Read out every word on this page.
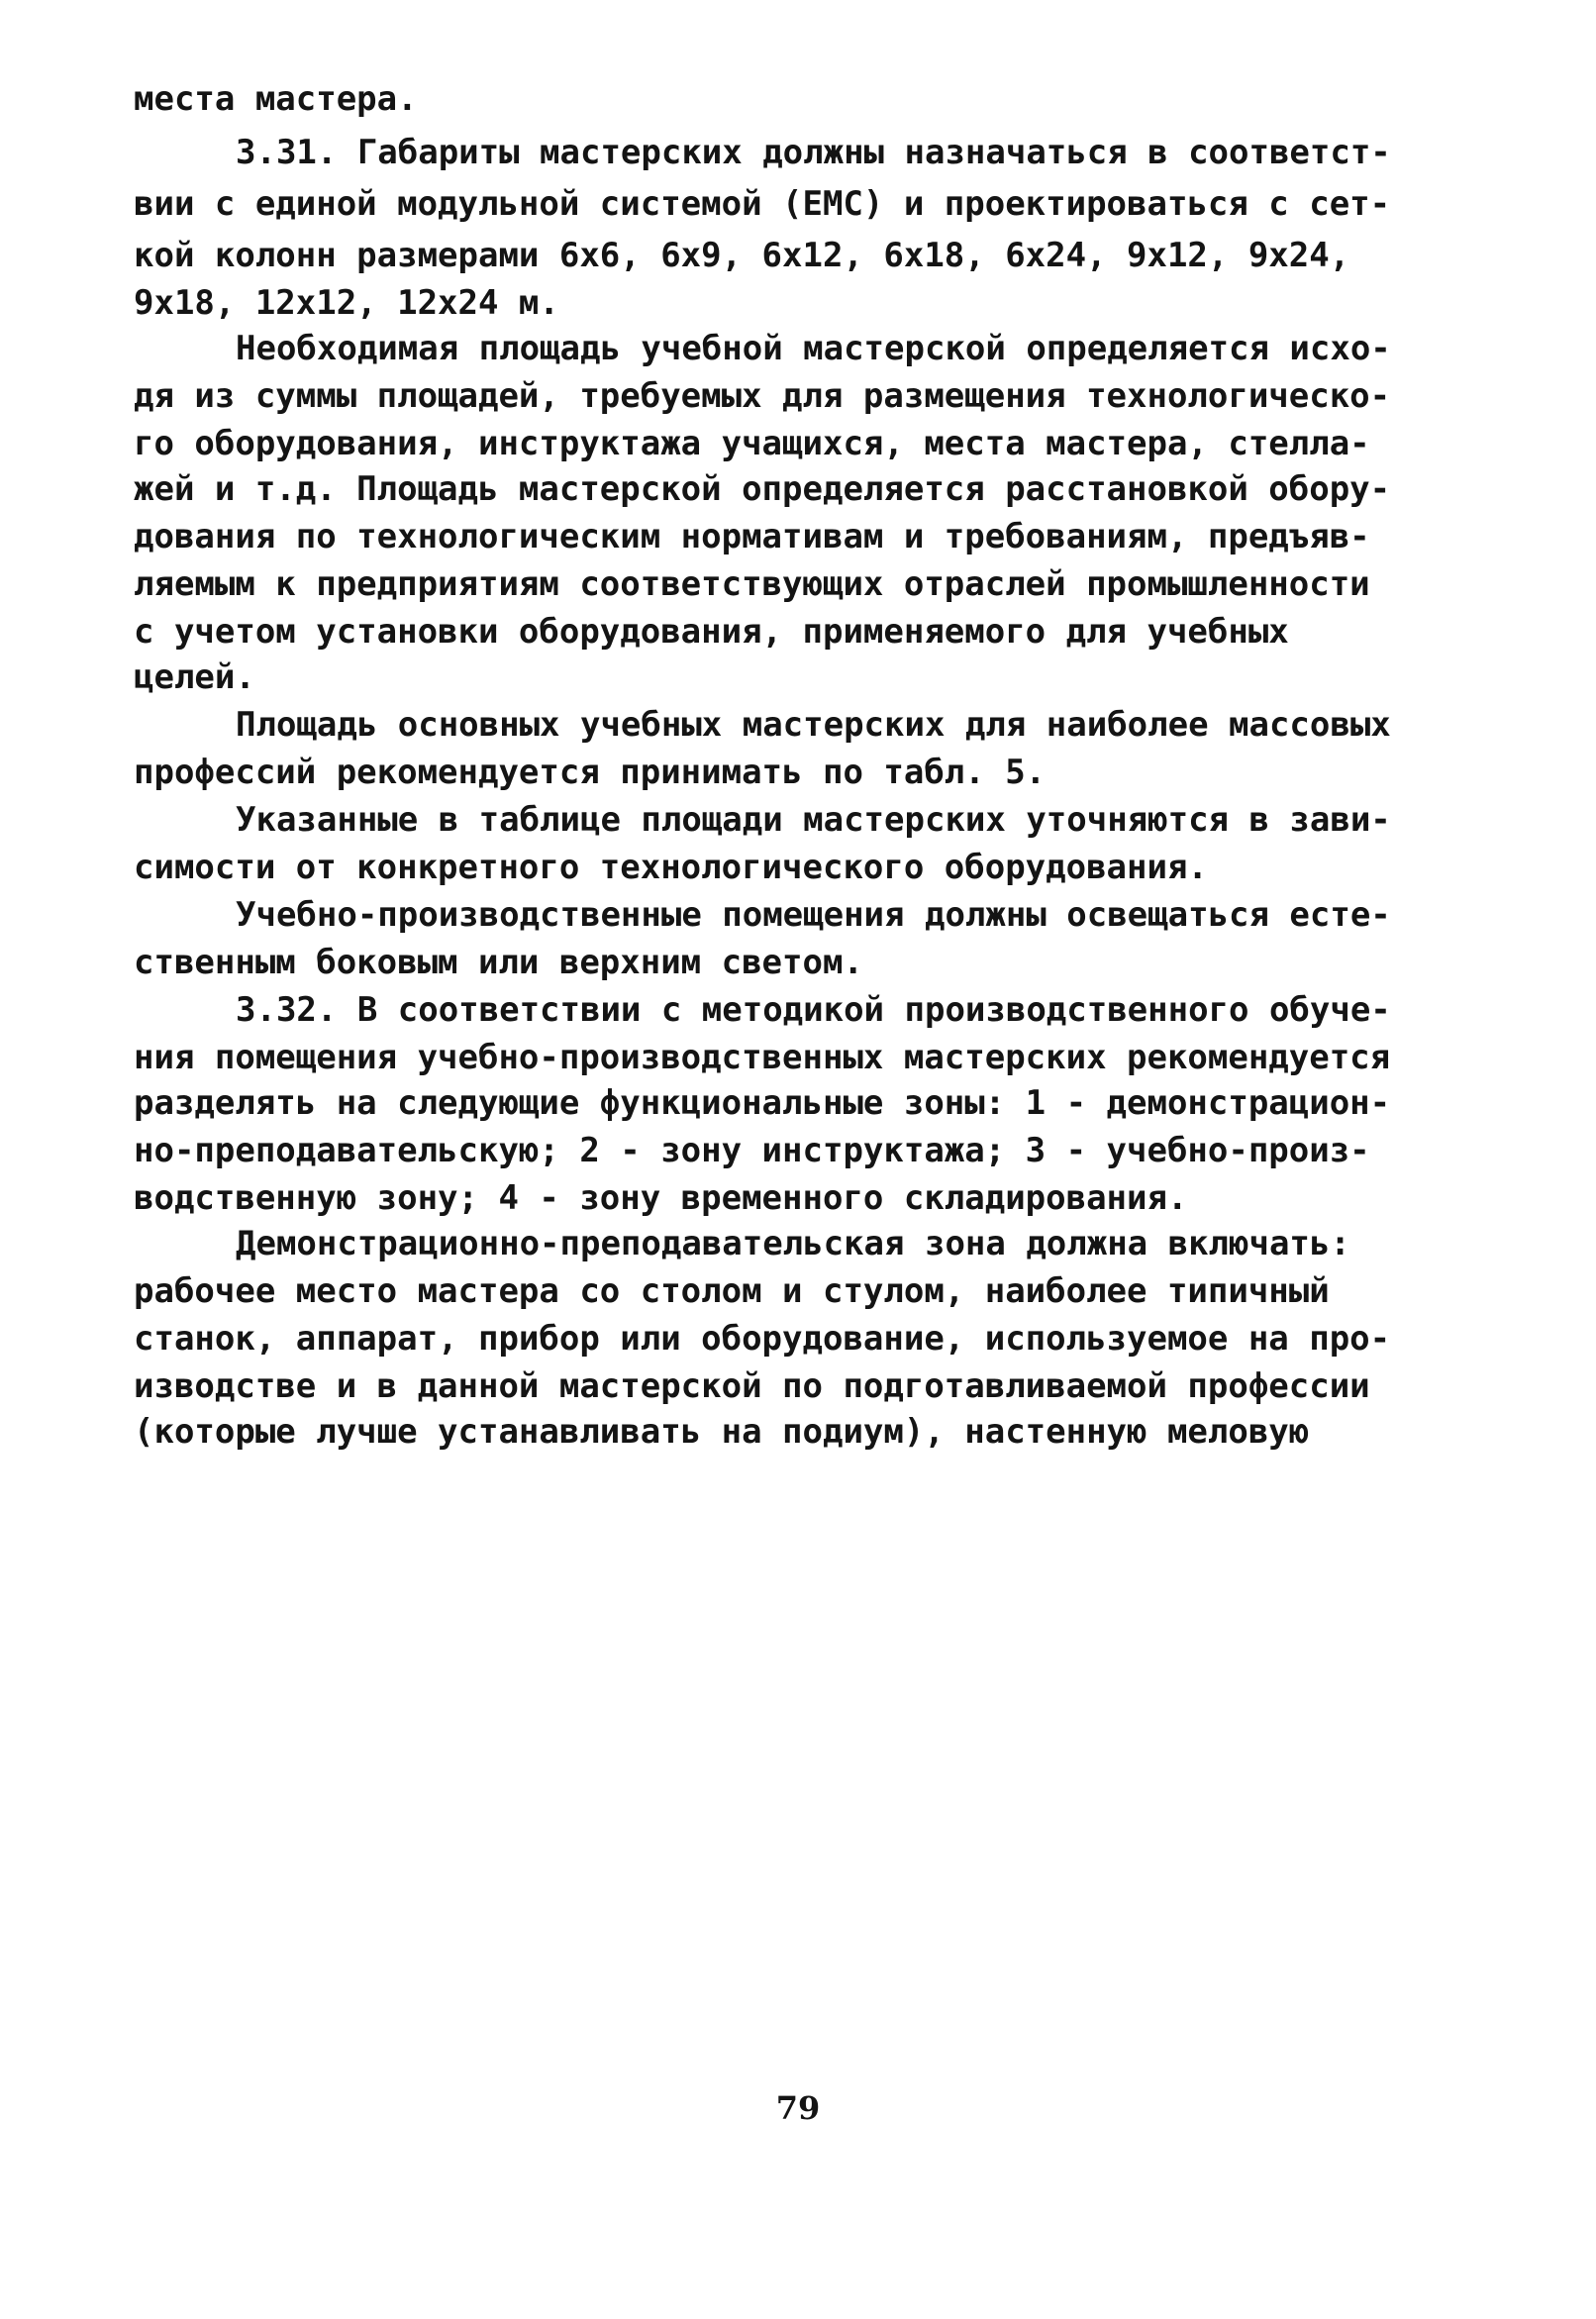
места мастера.
3.31. Габариты мастерских должны назначаться в соответст-
вии с единой модульной системой (ЕМС) и проектироваться с сет-
кой колонн размерами 6х6, 6х9, 6х12, 6х18, 6х24, 9х12, 9х24,
9х18, 12х12, 12х24 м.
Необходимая площадь учебной мастерской определяется исхо-
дя из суммы площадей, требуемых для размещения технологическо-
го оборудования, инструктажа учащихся, места мастера, стелла-
жей и т.д. Площадь мастерской определяется расстановкой обору-
дования по технологическим нормативам и требованиям, предъяв-
ляемым к предприятиям соответствующих отраслей промышленности
с учетом установки оборудования, применяемого для учебных
целей.
Площадь основных учебных мастерских для наиболее массовых
профессий рекомендуется принимать по табл. 5.
Указанные в таблице площади мастерских уточняются в зави-
симости от конкретного технологического оборудования.
Учебно-производственные помещения должны освещаться есте-
ственным боковым или верхним светом.
3.32. В соответствии с методикой производственного обуче-
ния помещения учебно-производственных мастерских рекомендуется
разделять на следующие функциональные зоны: 1 - демонстрацион-
но-преподавательскую; 2 - зону инструктажа; 3 - учебно-произ-
водственную зону; 4 - зону временного складирования.
Демонстрационно-преподавательская зона должна включать:
рабочее место мастера со столом и стулом, наиболее типичный
станок, аппарат, прибор или оборудование, используемое на про-
изводстве и в данной мастерской по подготавливаемой профессии
(которые лучше устанавливать на подиум), настенную меловую
79
